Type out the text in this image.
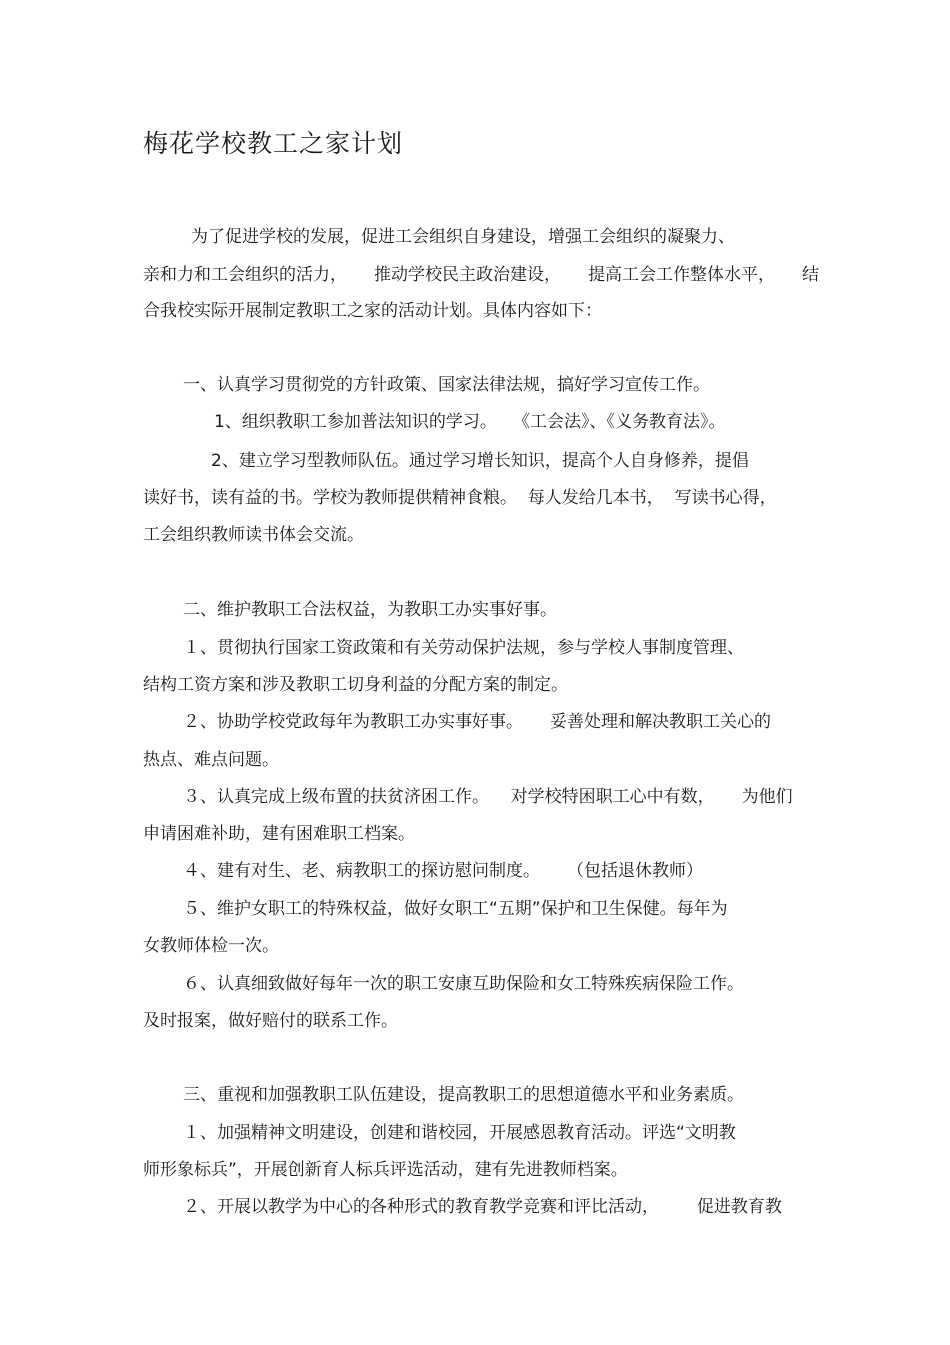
梅花学校教工之家计划
为了促进学校的发展，促进工会组织自身建设，增强工会组织的凝聚力、
亲和力和工会组织的活力，     推动学校民主政治建设，     提高工会工作整体水平，     结
合我校实际开展制定教职工之家的活动计划。具体内容如下：
一、认真学习贯彻党的方针政策、国家法律法规，搞好学习宣传工作。
1、组织教职工参加普法知识的学习。   《工会法》、《义务教育法》。
2、建立学习型教师队伍。通过学习增长知识，提高个人自身修养，提倡
读好书，读有益的书。学校为教师提供精神食粮。  每人发给几本书，  写读书心得，
工会组织教师读书体会交流。
二、维护教职工合法权益，为教职工办实事好事。
１、贯彻执行国家工资政策和有关劳动保护法规，参与学校人事制度管理、
结构工资方案和涉及教职工切身利益的分配方案的制定。
２、协助学校党政每年为教职工办实事好事。     妥善处理和解决教职工关心的
热点、难点问题。
３、认真完成上级布置的扶贫济困工作。    对学校特困职工心中有数，     为他们
申请困难补助，建有困难职工档案。
４、建有对生、老、病教职工的探访慰问制度。     （包括退休教师）
５、维护女职工的特殊权益，做好女职工“五期”保护和卫生保健。每年为
女教师体检一次。
６、认真细致做好每年一次的职工安康互助保险和女工特殊疾病保险工作。
及时报案，做好赔付的联系工作。
三、重视和加强教职工队伍建设，提高教职工的思想道德水平和业务素质。
１、加强精神文明建设，创建和谐校园，开展感恩教育活动。评选“文明教
师形象标兵”，开展创新育人标兵评选活动，建有先进教师档案。
２、开展以教学为中心的各种形式的教育教学竞赛和评比活动，       促进教育教
